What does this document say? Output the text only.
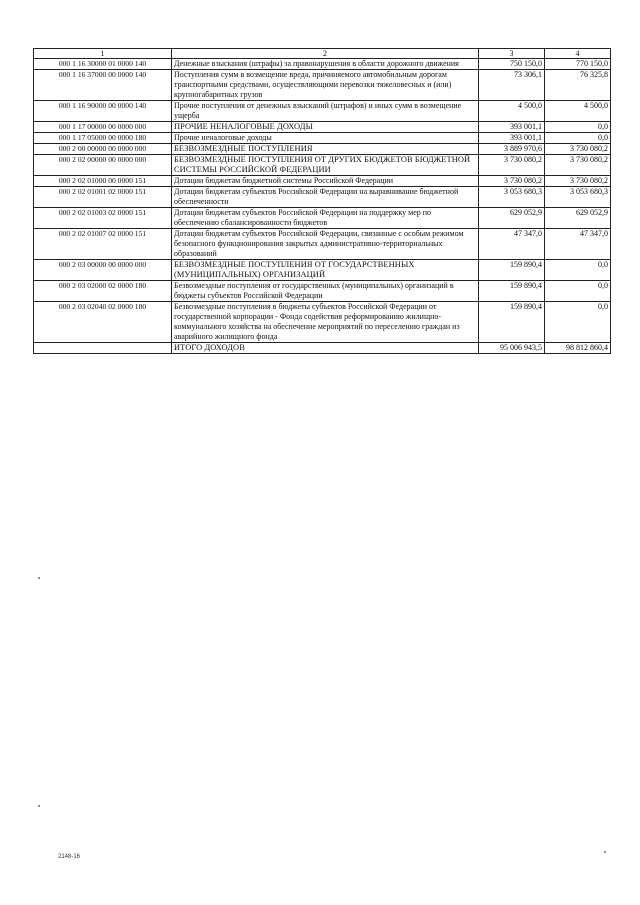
1	2	3	4
000 1 16 30000 01 0000 140	Денежные взыскания (штрафы) за правонарушения в области дорожного движения	750 150,0	770 150,0
000 1 16 37000 00 0000 140	Поступления сумм в возмещение вреда, причиняемого автомобильным дорогам транспортными средствами, осуществляющими перевозки тяжеловесных и (или) крупногабаритных грузов	73 306,1	76 325,8
000 1 16 90000 00 0000 140	Прочие поступления от денежных взысканий (штрафов) и иных сумм в возмещение ущерба	4 500,0	4 500,0
000 1 17 00000 00 0000 000	ПРОЧИЕ НЕНАЛОГОВЫЕ ДОХОДЫ	393 001,1	0,0
000 1 17 05000 00 0000 180	Прочие неналоговые доходы	393 001,1	0,0
000 2 00 00000 00 0000 000	БЕЗВОЗМЕЗДНЫЕ ПОСТУПЛЕНИЯ	3 889 970,6	3 730 080,2
000 2 02 00000 00 0000 000	БЕЗВОЗМЕЗДНЫЕ ПОСТУПЛЕНИЯ ОТ ДРУГИХ БЮДЖЕТОВ БЮДЖЕТНОЙ СИСТЕМЫ РОССИЙСКОЙ ФЕДЕРАЦИИ	3 730 080,2	3 730 080,2
000 2 02 01000 00 0000 151	Дотации бюджетам бюджетной системы Российской Федерации	3 730 080,2	3 730 080,2
000 2 02 01001 02 0000 151	Дотации бюджетам субъектов Российской Федерации на выравнивание бюджетной обеспеченности	3 053 680,3	3 053 680,3
000 2 02 01003 02 0000 151	Дотации бюджетам субъектов Российской Федерации на поддержку мер по обеспечению сбалансированности бюджетов	629 052,9	629 052,9
000 2 02 01007 02 0000 151	Дотации бюджетам субъектов Российской Федерации, связанные с особым режимом безопасного функционирования закрытых административно-территориальных образований	47 347,0	47 347,0
000 2 03 00000 00 0000 000	БЕЗВОЗМЕЗДНЫЕ ПОСТУПЛЕНИЯ ОТ ГОСУДАРСТВЕННЫХ (МУНИЦИПАЛЬНЫХ) ОРГАНИЗАЦИЙ	159 890,4	0,0
000 2 03 02000 02 0000 180	Безвозмездные поступления от государственных (муниципальных) организаций в бюджеты субъектов Российской Федерации	159 890,4	0,0
000 2 03 02040 02 0000 180	Безвозмездные поступления в бюджеты субъектов Российской Федерации от государственной корпорации - Фонда содействия реформированию жилищно-коммунального хозяйства на обеспечение мероприятий по переселению граждан из аварийного жилищного фонда	159 890,4	0,0
	ИТОГО ДОХОДОВ	95 006 943,5	98 812 860,4
2148-16
